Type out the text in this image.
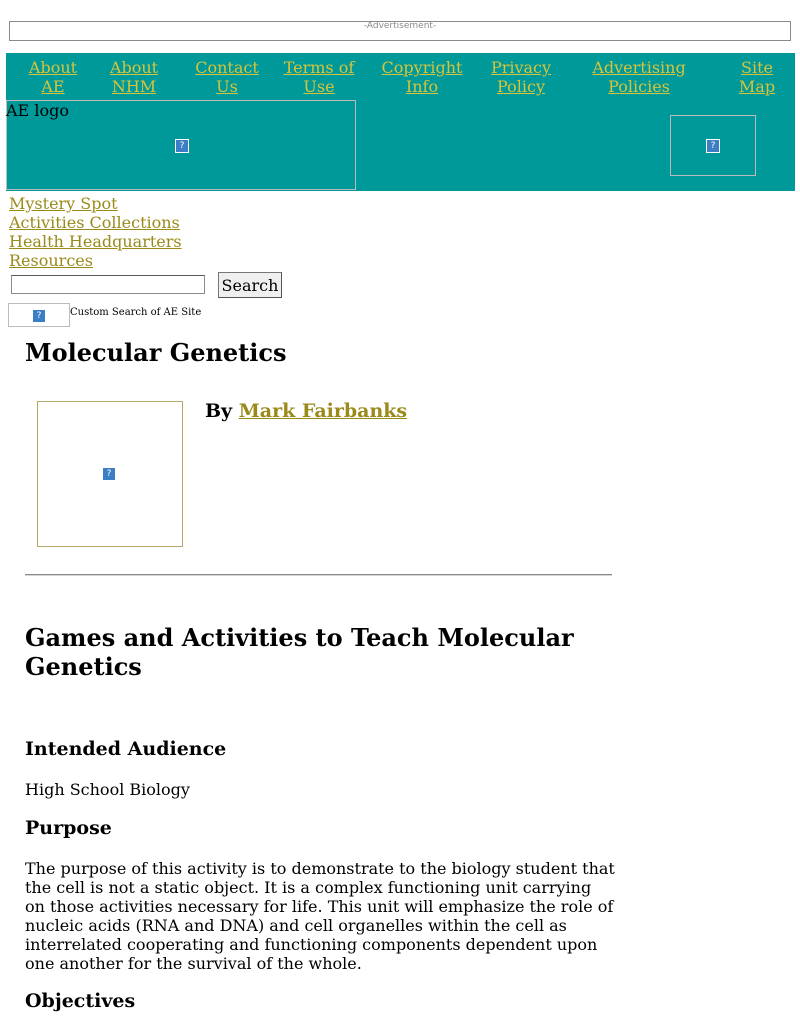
-Advertisement-
About AE
About NHM
Contact Us
Terms of Use
Copyright Info
Privacy Policy
Advertising Policies
Site Map
?
AE logo
?
Mystery Spot
Activities Collections
Health Headquarters
Resources
Search
?	Custom Search of AE Site
Molecular Genetics
?
By Mark Fairbanks
Games and Activities to Teach Molecular Genetics
Intended Audience

High School Biology

Purpose

The purpose of this activity is to demonstrate to the biology student that the cell is not a static object. It is a complex functioning unit carrying on those activities necessary for life. This unit will emphasize the role of nucleic acids (RNA and DNA) and cell organelles within the cell as interrelated cooperating and functioning components dependent upon one another for the survival of the whole.

Objectives
